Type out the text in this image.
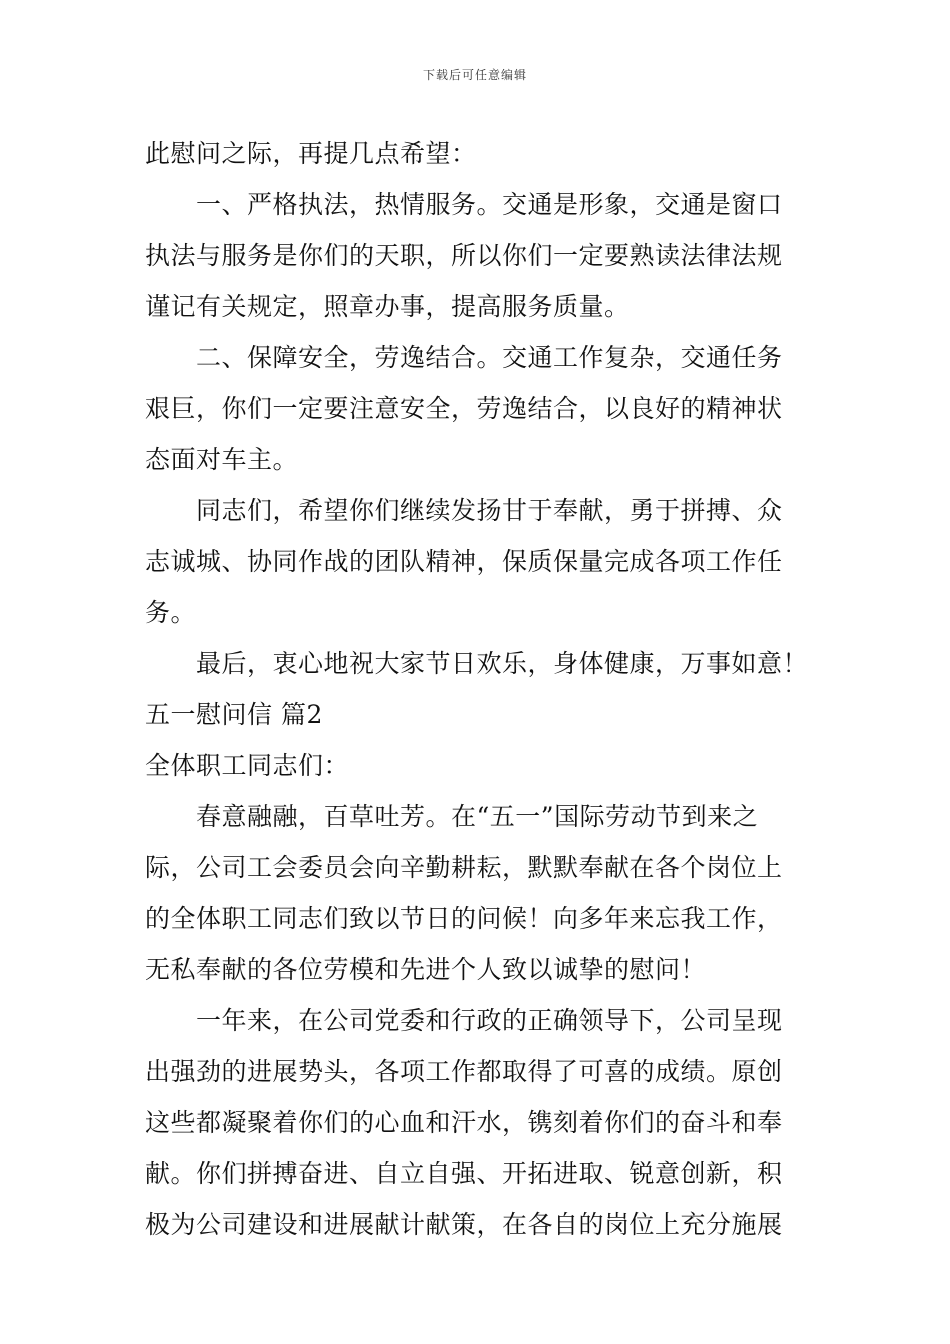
下载后可任意编辑
此慰问之际，再提几点希望：
一、严格执法，热情服务。交通是形象，交通是窗口
执法与服务是你们的天职，所以你们一定要熟读法律法规
谨记有关规定，照章办事，提高服务质量。
二、保障安全，劳逸结合。交通工作复杂，交通任务
艰巨，你们一定要注意安全，劳逸结合，以良好的精神状
态面对车主。
同志们，希望你们继续发扬甘于奉献，勇于拼搏、众
志诚城、协同作战的团队精神，保质保量完成各项工作任
务。
最后，衷心地祝大家节日欢乐，身体健康，万事如意！
五一慰问信 篇2
全体职工同志们：
春意融融，百草吐芳。在“五一”国际劳动节到来之
际，公司工会委员会向辛勤耕耘，默默奉献在各个岗位上
的全体职工同志们致以节日的问候！向多年来忘我工作，
无私奉献的各位劳模和先进个人致以诚挚的慰问！
一年来，在公司党委和行政的正确领导下，公司呈现
出强劲的进展势头，各项工作都取得了可喜的成绩。原创
这些都凝聚着你们的心血和汗水，镌刻着你们的奋斗和奉
献。你们拼搏奋进、自立自强、开拓进取、锐意创新，积
极为公司建设和进展献计献策，在各自的岗位上充分施展
